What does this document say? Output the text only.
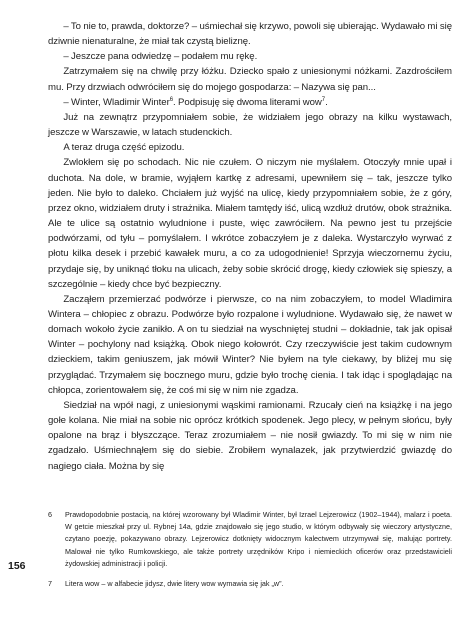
– To nie to, prawda, doktorze? – uśmiechał się krzywo, powoli się ubierając. Wydawało mi się dziwnie nienaturalne, że miał tak czystą bieliznę.

– Jeszcze pana odwiedzę – podałem mu rękę.

Zatrzymałem się na chwilę przy łóżku. Dziecko spało z uniesionymi nóżkami. Zazdrościłem mu. Przy drzwiach odwróciłem się do mojego gospodarza: – Nazywa się pan...

– Winter, Wladimir Winter$^6$. Podpisuję się dwoma literami wow$^7$.

Już na zewnątrz przypomniałem sobie, że widziałem jego obrazy na kilku wystawach, jeszcze w Warszawie, w latach studenckich.

A teraz druga część epizodu.

Zwlokłem się po schodach. Nic nie czułem. O niczym nie myślałem. Otoczyły mnie upał i duchota. Na dole, w bramie, wyjąłem kartkę z adresami, upewniłem się – tak, jeszcze tylko jeden. Nie było to daleko. Chciałem już wyjść na ulicę, kiedy przypomniałem sobie, że z góry, przez okno, widziałem druty i strażnika. Miałem tamtędy iść, ulicą wzdłuż drutów, obok strażnika. Ale te ulice są ostatnio wyludnione i puste, więc zawróciłem. Na pewno jest tu przejście podwórzami, od tyłu – pomyślałem. I wkrótce zobaczyłem je z daleka. Wystarczyło wyrwać z płotu kilka desek i przebić kawałek muru, a co za udogodnienie! Sprzyja wieczornemu życiu, przydaje się, by uniknąć tłoku na ulicach, żeby sobie skrócić drogę, kiedy człowiek się spieszy, a szczególnie – kiedy chce być bezpieczny.

Zacząłem przemierzać podwórze i pierwsze, co na nim zobaczyłem, to model Wladimira Wintera – chłopiec z obrazu. Podwórze było rozpalone i wyludnione. Wydawało się, że nawet w domach wokoło życie zanikło. A on tu siedział na wyschniętej studni – dokładnie, tak jak opisał Winter – pochylony nad książką. Obok niego kołowrót. Czy rzeczywiście jest takim cudownym dzieckiem, takim geniuszem, jak mówił Winter? Nie byłem na tyle ciekawy, by bliżej mu się przyglądać. Trzymałem się bocznego muru, gdzie było trochę cienia. I tak idąc i spoglądając na chłopca, zorientowałem się, że coś mi się w nim nie zgadza.

Siedział na wpół nagi, z uniesionymi wąskimi ramionami. Rzucały cień na książkę i na jego gołe kolana. Nie miał na sobie nic oprócz krótkich spodenek. Jego plecy, w pełnym słońcu, były opalone na brąz i błyszczące. Teraz zrozumiałem – nie nosił gwiazdy. To mi się w nim nie zgadzało. Uśmiechnąłem się do siebie. Zrobiłem wynalazek, jak przytwierdzić gwiazdę do nagiego ciała. Można by się

6 Prawdopodobnie postacią, na której wzorowany był Wladimir Winter, był Izrael Lejzerowicz (1902–1944), malarz i poeta. W getcie mieszkał przy ul. Rybnej 14a, gdzie znajdowało się jego studio, w którym odbywały się wieczory artystyczne, czytano poezję, pokazywano obrazy. Lejzerowicz dotknięty widocznym kalectwem utrzymywał się, malując portrety. Malował nie tylko Rumkowskiego, ale także portrety urzędników Kripo i niemieckich oficerów oraz przedstawicieli żydowskiej administracji i policji.

7 Litera wow – w alfabecie jidysz, dwie litery wow wymawia się jak „w”.

156
